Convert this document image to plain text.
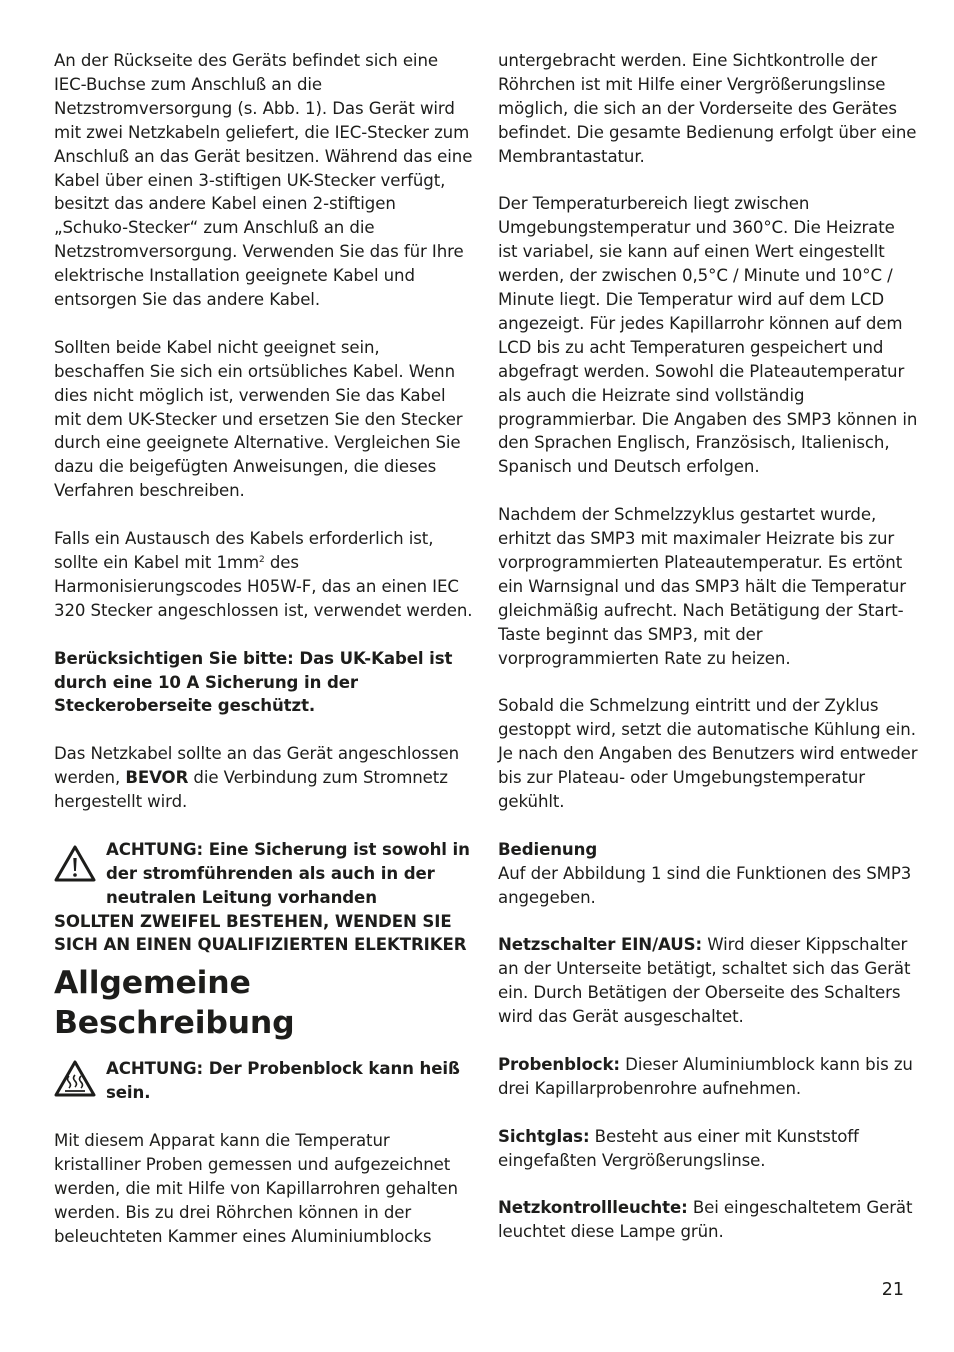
An der Rückseite des Geräts befindet sich eine IEC-Buchse zum Anschluß an die Netzstromversorgung (s. Abb. 1). Das Gerät wird mit zwei Netzkabeln geliefert, die IEC-Stecker zum Anschluß an das Gerät besitzen. Während das eine Kabel über einen 3-stiftigen UK-Stecker verfügt, besitzt das andere Kabel einen 2-stiftigen „Schuko-Stecker“ zum Anschluß an die Netzstromversorgung. Verwenden Sie das für Ihre elektrische Installation geeignete Kabel und entsorgen Sie das andere Kabel.

Sollten beide Kabel nicht geeignet sein, beschaffen Sie sich ein ortsübliches Kabel. Wenn dies nicht möglich ist, verwenden Sie das Kabel mit dem UK-Stecker und ersetzen Sie den Stecker durch eine geeignete Alternative. Vergleichen Sie dazu die beigefügten Anweisungen, die dieses Verfahren beschreiben.

Falls ein Austausch des Kabels erforderlich ist, sollte ein Kabel mit $1mm^2$ des Harmonisierungscodes H05W-F, das an einen IEC 320 Stecker angeschlossen ist, verwendet werden.

Berücksichtigen Sie bitte: Das UK-Kabel ist durch eine 10 A Sicherung in der Steckeroberseite geschützt.

Das Netzkabel sollte an das Gerät angeschlossen werden, BEVOR die Verbindung zum Stromnetz hergestellt wird.

ACHTUNG: Eine Sicherung ist sowohl in der stromführenden als auch in der neutralen Leitung vorhanden
SOLLTEN ZWEIFEL BESTEHEN, WENDEN SIE SICH AN EINEN QUALIFIZIERTEN ELEKTRIKER
Allgemeine Beschreibung

ACHTUNG: Der Probenblock kann heiß sein.

Mit diesem Apparat kann die Temperatur kristalliner Proben gemessen und aufgezeichnet werden, die mit Hilfe von Kapillarrohren gehalten werden. Bis zu drei Röhrchen können in der beleuchteten Kammer eines Aluminiumblocks

untergebracht werden. Eine Sichtkontrolle der Röhrchen ist mit Hilfe einer Vergrößerungslinse möglich, die sich an der Vorderseite des Gerätes befindet. Die gesamte Bedienung erfolgt über eine Membrantastatur.

Der Temperaturbereich liegt zwischen Umgebungstemperatur und 360°C. Die Heizrate ist variabel, sie kann auf einen Wert eingestellt werden, der zwischen 0,5°C / Minute und 10°C / Minute liegt. Die Temperatur wird auf dem LCD angezeigt. Für jedes Kapillarrohr können auf dem LCD bis zu acht Temperaturen gespeichert und abgefragt werden. Sowohl die Plateautemperatur als auch die Heizrate sind vollständig programmierbar. Die Angaben des SMP3 können in den Sprachen Englisch, Französisch, Italienisch, Spanisch und Deutsch erfolgen.

Nachdem der Schmelzzyklus gestartet wurde, erhitzt das SMP3 mit maximaler Heizrate bis zur vorprogrammierten Plateautemperatur. Es ertönt ein Warnsignal und das SMP3 hält die Temperatur gleichmäßig aufrecht. Nach Betätigung der Start-Taste beginnt das SMP3, mit der vorprogrammierten Rate zu heizen.

Sobald die Schmelzung eintritt und der Zyklus gestoppt wird, setzt die automatische Kühlung ein. Je nach den Angaben des Benutzers wird entweder bis zur Plateau- oder Umgebungstemperatur gekühlt.

Bedienung
Auf der Abbildung 1 sind die Funktionen des SMP3 angegeben.

Netzschalter EIN/AUS: Wird dieser Kippschalter an der Unterseite betätigt, schaltet sich das Gerät ein. Durch Betätigen der Oberseite des Schalters wird das Gerät ausgeschaltet.

Probenblock: Dieser Aluminiumblock kann bis zu drei Kapillarprobenrohre aufnehmen.

Sichtglas: Besteht aus einer mit Kunststoff eingefaßten Vergrößerungslinse.

Netzkontrollleuchte: Bei eingeschaltetem Gerät leuchtet diese Lampe grün.

21
